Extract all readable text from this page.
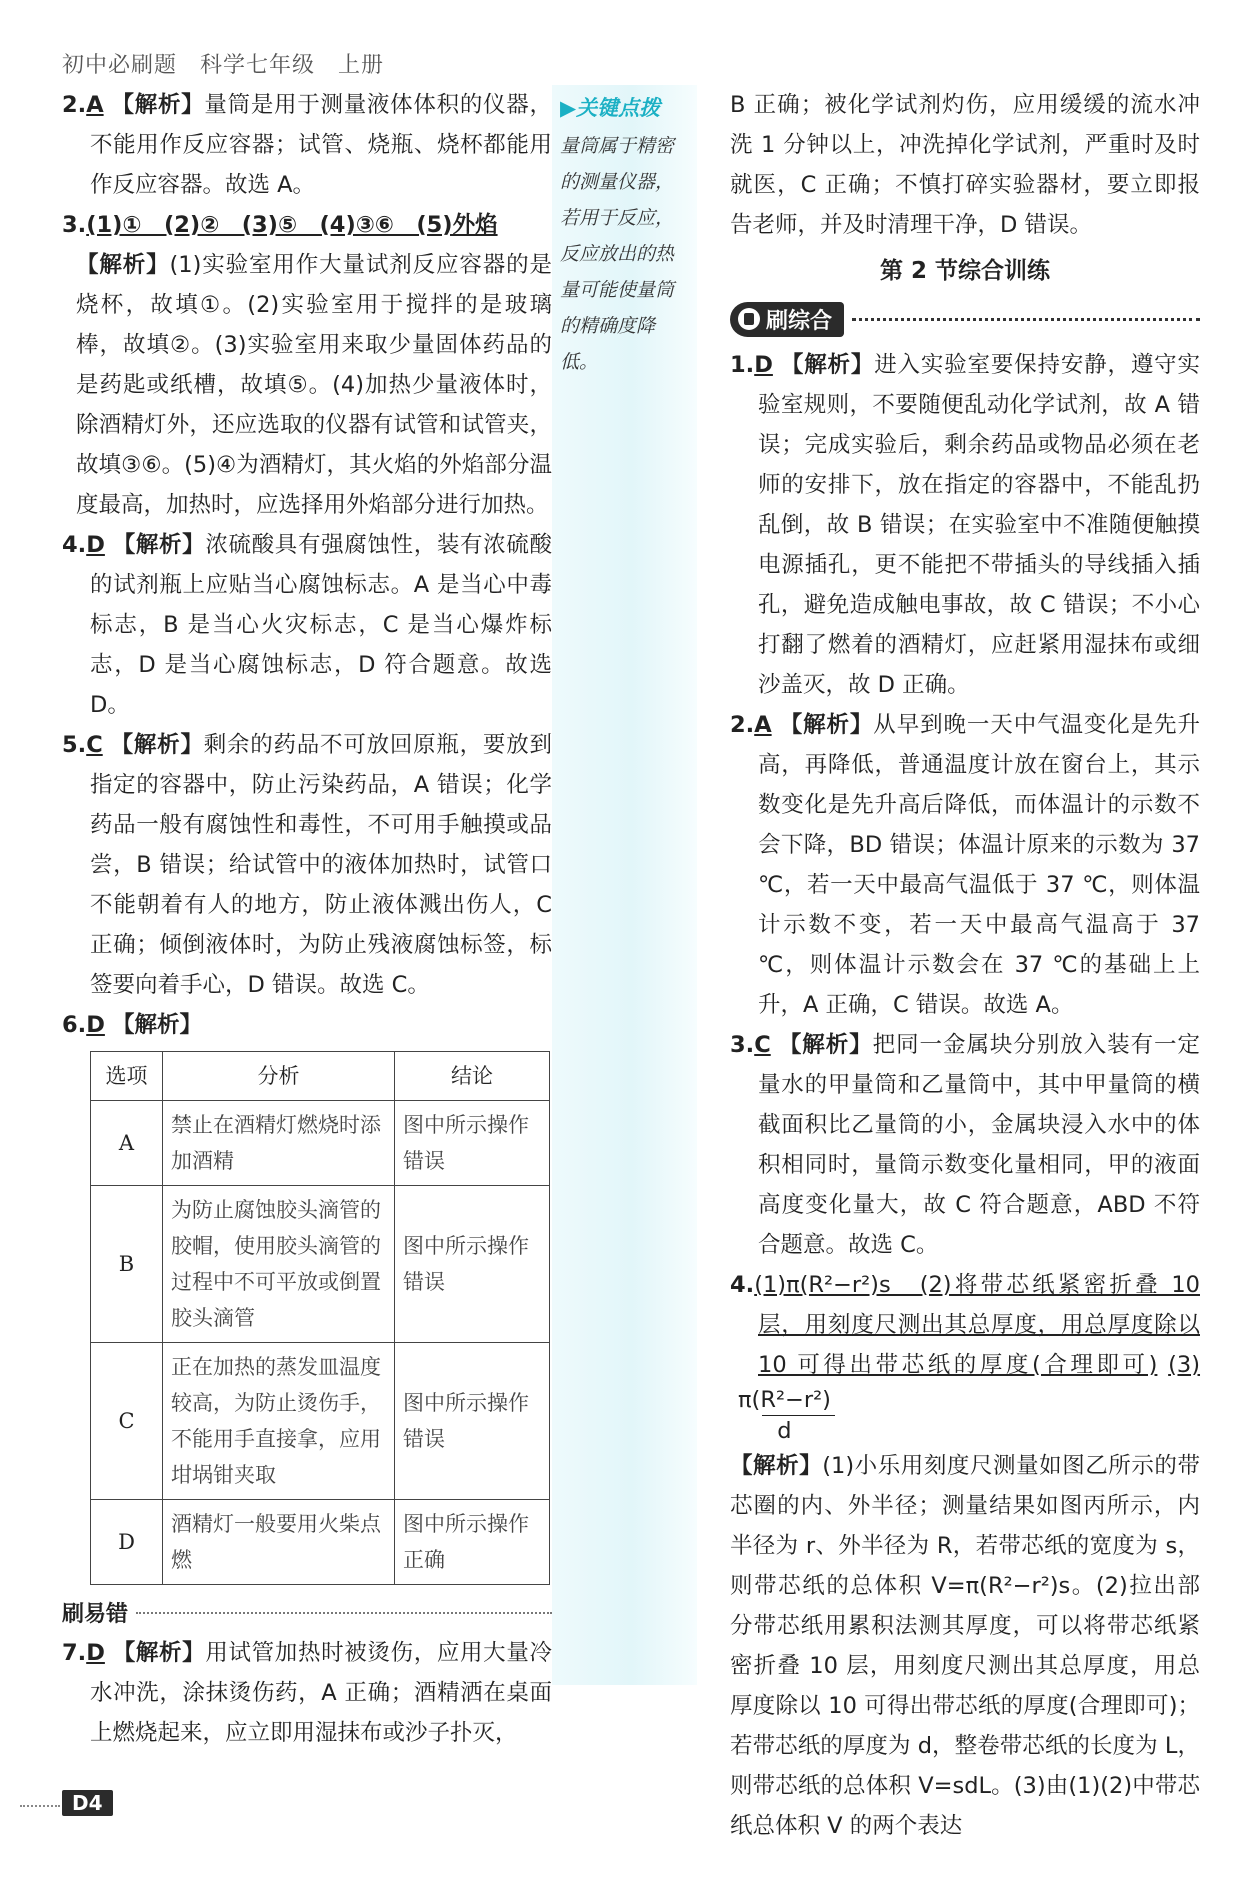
初中必刷题　科学七年级　上册
2.A 【解析】量筒是用于测量液体体积的仪器，不能用作反应容器；试管、烧瓶、烧杯都能用作反应容器。故选 A。
3.(1)①　(2)②　(3)⑤　(4)③⑥　(5)外焰
【解析】(1)实验室用作大量试剂反应容器的是烧杯，故填①。(2)实验室用于搅拌的是玻璃棒，故填②。(3)实验室用来取少量固体药品的是药匙或纸槽，故填⑤。(4)加热少量液体时，除酒精灯外，还应选取的仪器有试管和试管夹，故填③⑥。(5)④为酒精灯，其火焰的外焰部分温度最高，加热时，应选择用外焰部分进行加热。
4.D 【解析】浓硫酸具有强腐蚀性，装有浓硫酸的试剂瓶上应贴当心腐蚀标志。A 是当心中毒标志，B 是当心火灾标志，C 是当心爆炸标志，D 是当心腐蚀标志，D 符合题意。故选 D。
5.C 【解析】剩余的药品不可放回原瓶，要放到指定的容器中，防止污染药品，A 错误；化学药品一般有腐蚀性和毒性，不可用手触摸或品尝，B 错误；给试管中的液体加热时，试管口不能朝着有人的地方，防止液体溅出伤人，C 正确；倾倒液体时，为防止残液腐蚀标签，标签要向着手心，D 错误。故选 C。
6.D 【解析】
选项	分析	结论
A	禁止在酒精灯燃烧时添加酒精	图中所示操作错误
B	为防止腐蚀胶头滴管的胶帽，使用胶头滴管的过程中不可平放或倒置胶头滴管	图中所示操作错误
C	正在加热的蒸发皿温度较高，为防止烫伤手，不能用手直接拿，应用坩埚钳夹取	图中所示操作错误
D	酒精灯一般要用火柴点燃	图中所示操作正确
刷易错
7.D 【解析】用试管加热时被烫伤，应用大量冷水冲洗，涂抹烫伤药，A 正确；酒精洒在桌面上燃烧起来，应立即用湿抹布或沙子扑灭，
▶关键点拨
量筒属于精密的测量仪器，若用于反应，反应放出的热量可能使量筒的精确度降低。

B 正确；被化学试剂灼伤，应用缓缓的流水冲洗 1 分钟以上，冲洗掉化学试剂，严重时及时就医，C 正确；不慎打碎实验器材，要立即报告老师，并及时清理干净，D 错误。

第 2 节综合训练
刷综合
1.D 【解析】进入实验室要保持安静，遵守实验室规则，不要随便乱动化学试剂，故 A 错误；完成实验后，剩余药品或物品必须在老师的安排下，放在指定的容器中，不能乱扔乱倒，故 B 错误；在实验室中不准随便触摸电源插孔，更不能把不带插头的导线插入插孔，避免造成触电事故，故 C 错误；不小心打翻了燃着的酒精灯，应赶紧用湿抹布或细沙盖灭，故 D 正确。
2.A 【解析】从早到晚一天中气温变化是先升高，再降低，普通温度计放在窗台上，其示数变化是先升高后降低，而体温计的示数不会下降，BD 错误；体温计原来的示数为 37 ℃，若一天中最高气温低于 37 ℃，则体温计示数不变，若一天中最高气温高于 37 ℃，则体温计示数会在 37 ℃的基础上上升，A 正确，C 错误。故选 A。
3.C 【解析】把同一金属块分别放入装有一定量水的甲量筒和乙量筒中，其中甲量筒的横截面积比乙量筒的小，金属块浸入水中的体积相同时，量筒示数变化量相同，甲的液面高度变化量大，故 C 符合题意，ABD 不符合题意。故选 C。
4.(1)π(R²−r²)s　(2)将带芯纸紧密折叠 10 层，用刻度尺测出其总厚度，用总厚度除以 10 可得出带芯纸的厚度(合理即可) (3)
$\frac{\text{π(R²−r²)}}{d}$
【解析】(1)小乐用刻度尺测量如图乙所示的带芯圈的内、外半径；测量结果如图丙所示，内半径为 r、外半径为 R，若带芯纸的宽度为 s，则带芯纸的总体积 V=π(R²−r²)s。(2)拉出部分带芯纸用累积法测其厚度，可以将带芯纸紧密折叠 10 层，用刻度尺测出其总厚度，用总厚度除以 10 可得出带芯纸的厚度(合理即可)；若带芯纸的厚度为 d，整卷带芯纸的长度为 L，则带芯纸的总体积 V=sdL。(3)由(1)(2)中带芯纸总体积 V 的两个表达
D4
